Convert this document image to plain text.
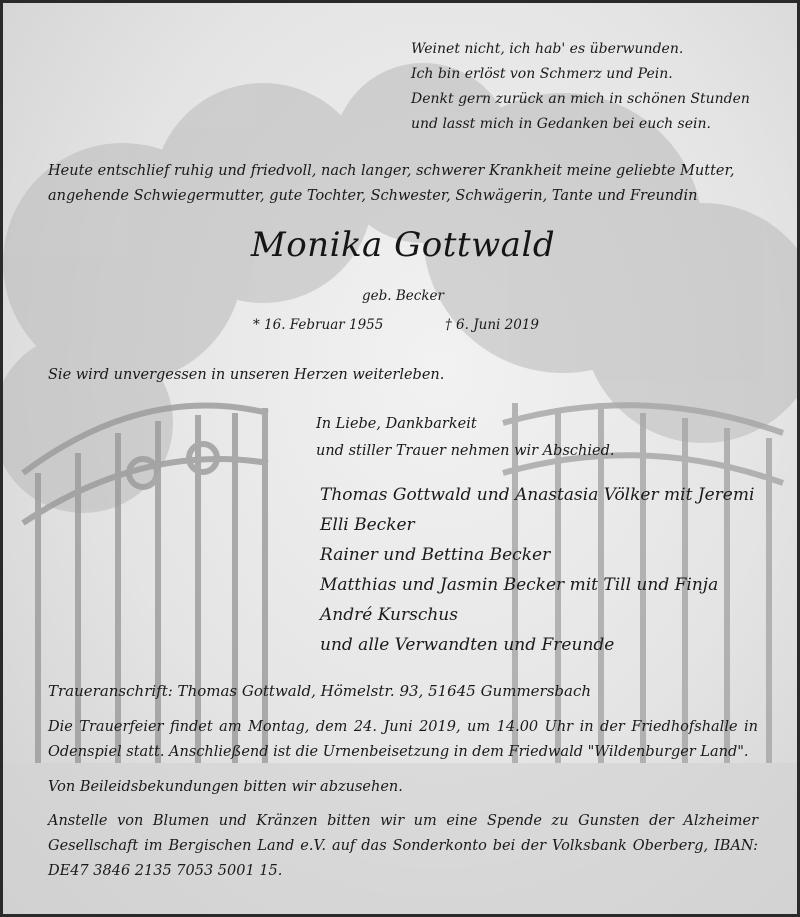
Weinet nicht, ich hab' es überwunden.
Ich bin erlöst von Schmerz und Pein.
Denkt gern zurück an mich in schönen Stunden
und lasst mich in Gedanken bei euch sein.
Heute entschlief ruhig und friedvoll, nach langer, schwerer Krankheit meine geliebte Mutter,
angehende Schwiegermutter, gute Tochter, Schwester, Schwägerin, Tante und Freundin
Monika Gottwald
geb. Becker
* 16. Februar 1955	† 6. Juni 2019
Sie wird unvergessen in unseren Herzen weiterleben.
In Liebe, Dankbarkeit
und stiller Trauer nehmen wir Abschied.
Thomas Gottwald und Anastasia Völker mit Jeremi
Elli Becker
Rainer und Bettina Becker
Matthias und Jasmin Becker mit Till und Finja
André Kurschus
und alle Verwandten und Freunde
Traueranschrift: Thomas Gottwald, Hömelstr. 93, 51645 Gummersbach
Die Trauerfeier findet am Montag, dem 24. Juni 2019, um 14.00 Uhr in der Friedhofshalle in Odenspiel statt. Anschließend ist die Urnenbeisetzung in dem Friedwald "Wildenburger Land".
Von Beileidsbekundungen bitten wir abzusehen.
Anstelle von Blumen und Kränzen bitten wir um eine Spende zu Gunsten der Alzheimer Gesellschaft im Bergischen Land e.V. auf das Sonderkonto bei der Volksbank Oberberg, IBAN: DE47 3846 2135 7053 5001 15.
